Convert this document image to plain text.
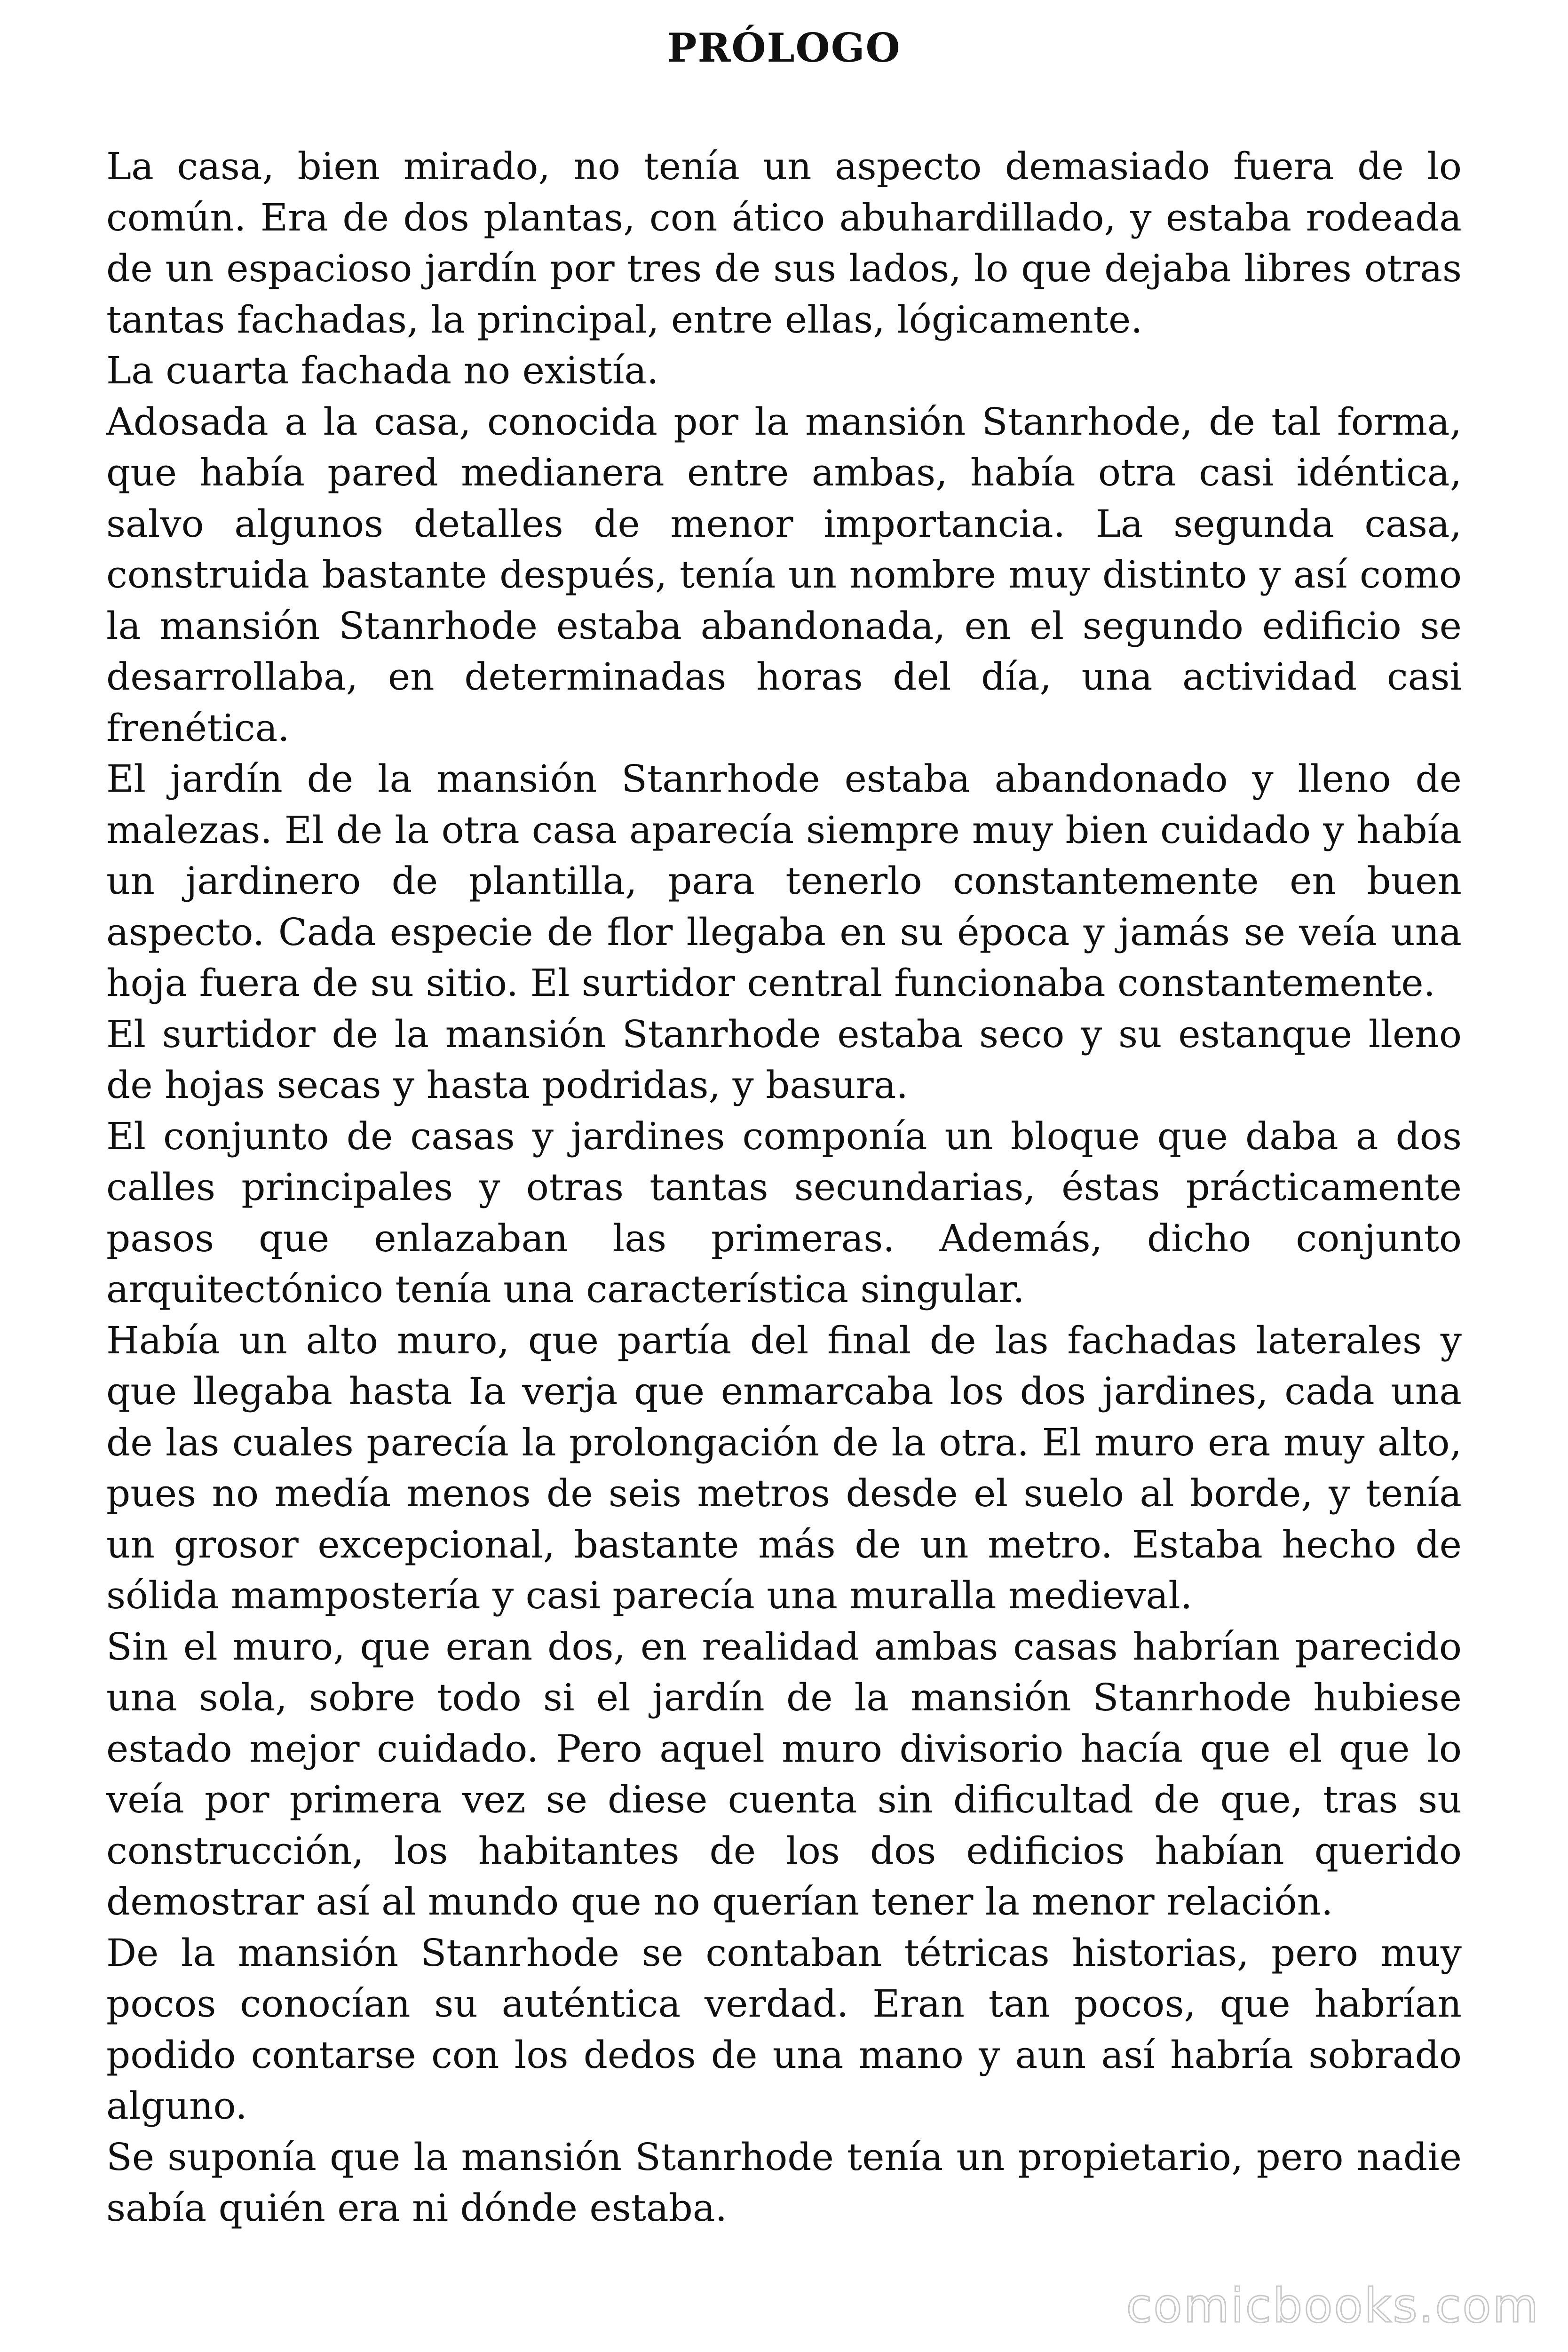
PRÓLOGO

La casa, bien mirado, no tenía un aspecto demasiado fuera de lo común. Era de dos plantas, con ático abuhardillado, y estaba rodeada de un espacioso jardín por tres de sus lados, lo que dejaba libres otras tantas fachadas, la principal, entre ellas, lógicamente.

La cuarta fachada no existía.

Adosada a la casa, conocida por la mansión Stanrhode, de tal forma, que había pared medianera entre ambas, había otra casi idéntica, salvo algunos detalles de menor importancia. La segunda casa, construida bastante después, tenía un nombre muy distinto y así como la mansión Stanrhode estaba abandonada, en el segundo edificio se desarrollaba, en determinadas horas del día, una actividad casi frenética.

El jardín de la mansión Stanrhode estaba abandonado y lleno de malezas. El de la otra casa aparecía siempre muy bien cuidado y había un jardinero de plantilla, para tenerlo constantemente en buen aspecto. Cada especie de flor llegaba en su época y jamás se veía una hoja fuera de su sitio. El surtidor central funcionaba constantemente.

El surtidor de la mansión Stanrhode estaba seco y su estanque lleno de hojas secas y hasta podridas, y basura.

El conjunto de casas y jardines componía un bloque que daba a dos calles principales y otras tantas secundarias, éstas prácticamente pasos que enlazaban las primeras. Además, dicho conjunto arquitectónico tenía una característica singular.

Había un alto muro, que partía del final de las fachadas laterales y que llegaba hasta Ia verja que enmarcaba los dos jardines, cada una de las cuales parecía la prolongación de la otra. El muro era muy alto, pues no medía menos de seis metros desde el suelo al borde, y tenía un grosor excepcional, bastante más de un metro. Estaba hecho de sólida mampostería y casi parecía una muralla medieval.

Sin el muro, que eran dos, en realidad ambas casas habrían parecido una sola, sobre todo si el jardín de la mansión Stanrhode hubiese estado mejor cuidado. Pero aquel muro divisorio hacía que el que lo veía por primera vez se diese cuenta sin dificultad de que, tras su construcción, los habitantes de los dos edificios habían querido demostrar así al mundo que no querían tener la menor relación.

De la mansión Stanrhode se contaban tétricas historias, pero muy pocos conocían su auténtica verdad. Eran tan pocos, que habrían podido contarse con los dedos de una mano y aun así habría sobrado alguno.

Se suponía que la mansión Stanrhode tenía un propietario, pero nadie sabía quién era ni dónde estaba.

comicbooks.com
